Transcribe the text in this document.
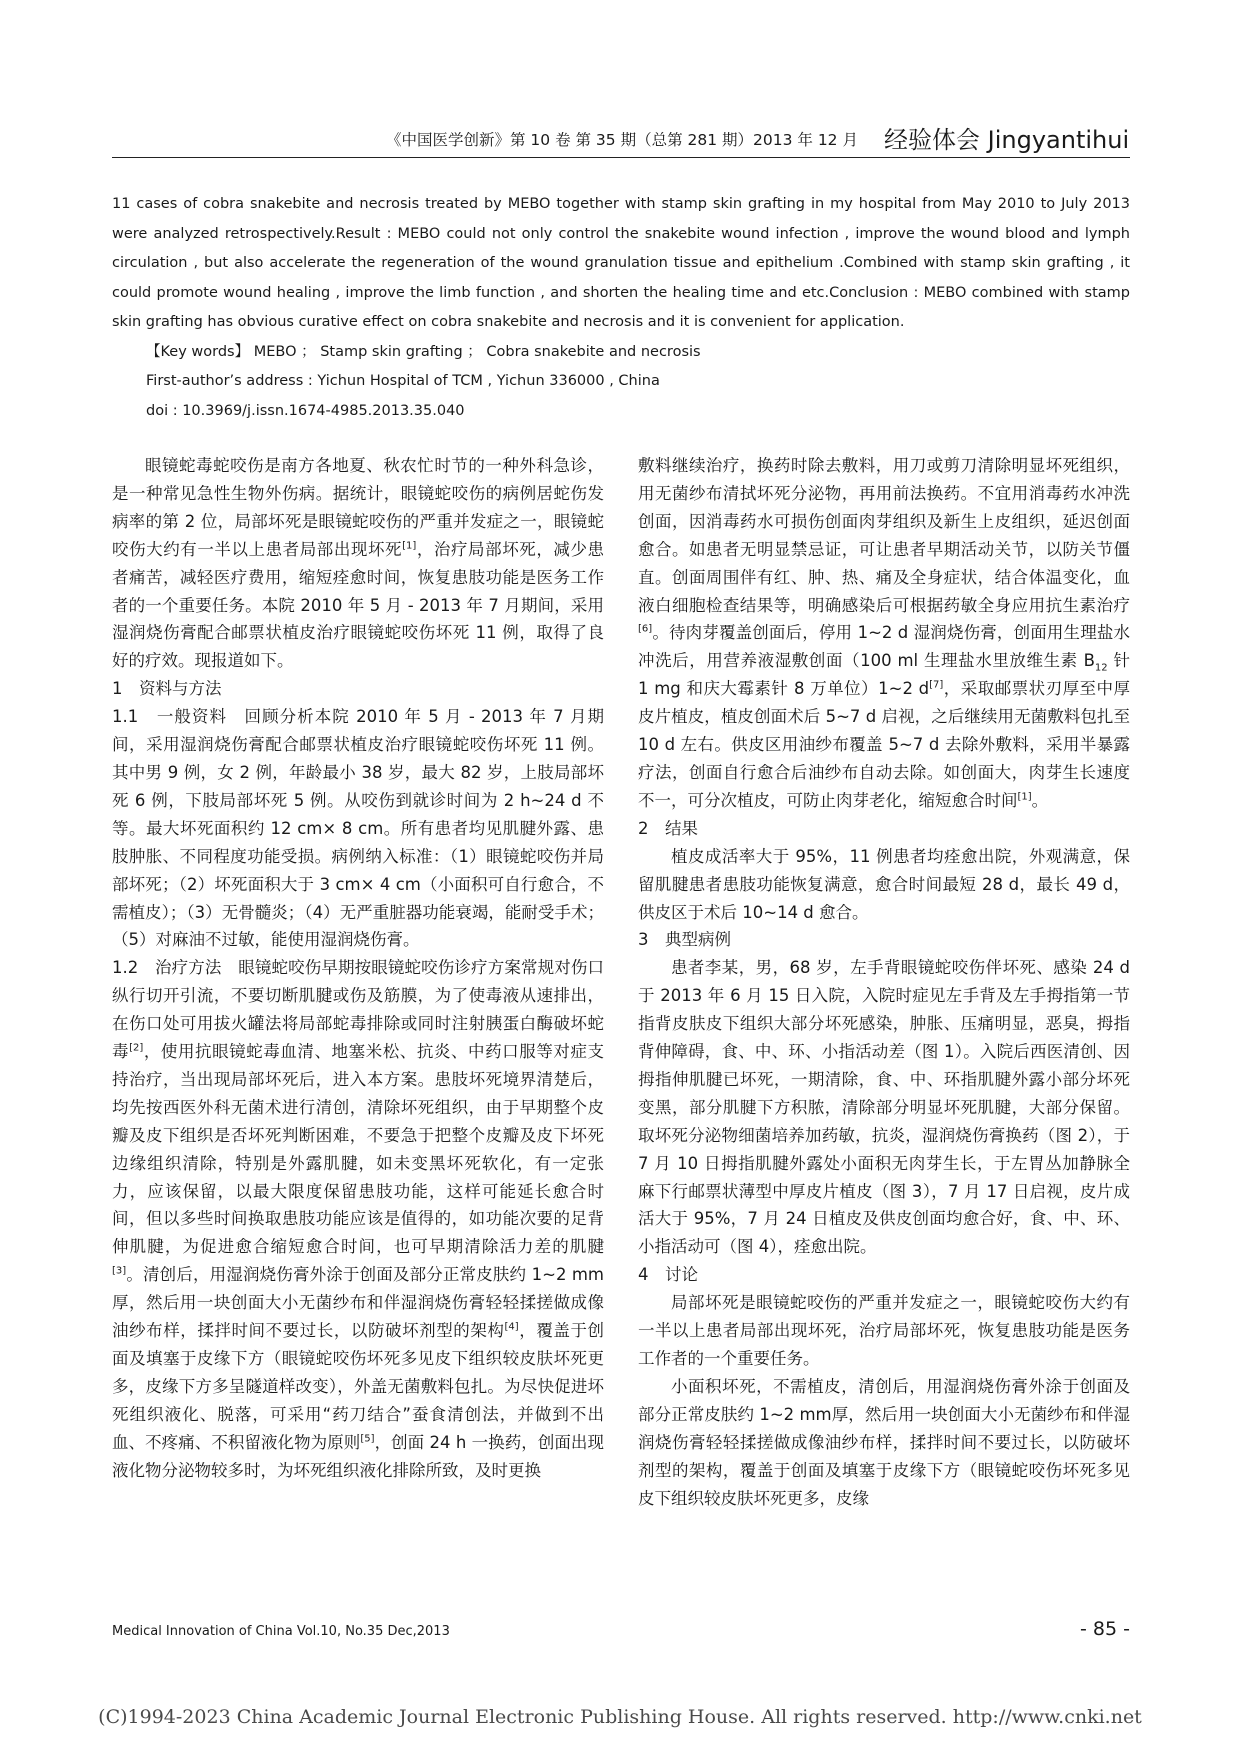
《中国医学创新》第 10 卷 第 35 期（总第 281 期）2013 年 12 月 经验体会 Jingyantihui

11 cases of cobra snakebite and necrosis treated by MEBO together with stamp skin grafting in my hospital from May 2010 to July 2013 were analyzed retrospectively.Result : MEBO could not only control the snakebite wound infection , improve the wound blood and lymph circulation , but also accelerate the regeneration of the wound granulation tissue and epithelium .Combined with stamp skin grafting , it could promote wound healing , improve the limb function , and shorten the healing time and etc.Conclusion : MEBO combined with stamp skin grafting has obvious curative effect on cobra snakebite and necrosis and it is convenient for application.

【Key words】 MEBO ； Stamp skin grafting ； Cobra snakebite and necrosis

First-author’s address : Yichun Hospital of TCM , Yichun 336000 , China

doi : 10.3969/j.issn.1674-4985.2013.35.040

眼镜蛇毒蛇咬伤是南方各地夏、秋农忙时节的一种外科急诊，是一种常见急性生物外伤病。据统计，眼镜蛇咬伤的病例居蛇伤发病率的第 2 位，局部坏死是眼镜蛇咬伤的严重并发症之一，眼镜蛇咬伤大约有一半以上患者局部出现坏死[1]，治疗局部坏死，减少患者痛苦，减轻医疗费用，缩短痊愈时间，恢复患肢功能是医务工作者的一个重要任务。本院 2010 年 5 月 - 2013 年 7 月期间，采用湿润烧伤膏配合邮票状植皮治疗眼镜蛇咬伤坏死 11 例，取得了良好的疗效。现报道如下。

1　资料与方法

1.1　一般资料　 回顾分析本院 2010 年 5 月 - 2013 年 7 月期间，采用湿润烧伤膏配合邮票状植皮治疗眼镜蛇咬伤坏死 11 例。其中男 9 例，女 2 例，年龄最小 38 岁，最大 82 岁，上肢局部坏死 6 例，下肢局部坏死 5 例。从咬伤到就诊时间为 2 h~24 d 不等。最大坏死面积约 12 cm× 8 cm。所有患者均见肌腱外露、患肢肿胀、不同程度功能受损。病例纳入标准：（1）眼镜蛇咬伤并局部坏死；（2）坏死面积大于 3 cm× 4 cm（小面积可自行愈合，不需植皮）；（3）无骨髓炎；（4）无严重脏器功能衰竭，能耐受手术；（5）对麻油不过敏，能使用湿润烧伤膏。

1.2　治疗方法　 眼镜蛇咬伤早期按眼镜蛇咬伤诊疗方案常规对伤口纵行切开引流，不要切断肌腱或伤及筋膜，为了使毒液从速排出，在伤口处可用拔火罐法将局部蛇毒排除或同时注射胰蛋白酶破坏蛇毒[2]，使用抗眼镜蛇毒血清、地塞米松、抗炎、中药口服等对症支持治疗，当出现局部坏死后，进入本方案。患肢坏死境界清楚后，均先按西医外科无菌术进行清创，清除坏死组织，由于早期整个皮瓣及皮下组织是否坏死判断困难，不要急于把整个皮瓣及皮下坏死边缘组织清除，特别是外露肌腱，如未变黑坏死软化，有一定张力，应该保留，以最大限度保留患肢功能，这样可能延长愈合时间，但以多些时间换取患肢功能应该是值得的，如功能次要的足背伸肌腱，为促进愈合缩短愈合时间，也可早期清除活力差的肌腱[3]。清创后，用湿润烧伤膏外涂于创面及部分正常皮肤约 1~2 mm厚，然后用一块创面大小无菌纱布和伴湿润烧伤膏轻轻揉搓做成像油纱布样，揉拌时间不要过长，以防破坏剂型的架构[4]，覆盖于创面及填塞于皮缘下方（眼镜蛇咬伤坏死多见皮下组织较皮肤坏死更多，皮缘下方多呈隧道样改变），外盖无菌敷料包扎。为尽快促进坏死组织液化、脱落，可采用“药刀结合”蚕食清创法，并做到不出血、不疼痛、不积留液化物为原则[5]，创面 24 h 一换药，创面出现液化物分泌物较多时，为坏死组织液化排除所致，及时更换

敷料继续治疗，换药时除去敷料，用刀或剪刀清除明显坏死组织，用无菌纱布清拭坏死分泌物，再用前法换药。不宜用消毒药水冲洗创面，因消毒药水可损伤创面肉芽组织及新生上皮组织，延迟创面愈合。如患者无明显禁忌证，可让患者早期活动关节，以防关节僵直。创面周围伴有红、肿、热、痛及全身症状，结合体温变化，血液白细胞检查结果等，明确感染后可根据药敏全身应用抗生素治疗[6]。待肉芽覆盖创面后，停用 1~2 d 湿润烧伤膏，创面用生理盐水冲洗后，用营养液湿敷创面（100 ml 生理盐水里放维生素 $B_{12}$ 针 1 mg 和庆大霉素针 8 万单位）1~2 d[7]，采取邮票状刃厚至中厚皮片植皮，植皮创面术后 5~7 d 启视，之后继续用无菌敷料包扎至 10 d 左右。供皮区用油纱布覆盖 5~7 d 去除外敷料，采用半暴露疗法，创面自行愈合后油纱布自动去除。如创面大，肉芽生长速度不一，可分次植皮，可防止肉芽老化，缩短愈合时间[1]。

2　结果

植皮成活率大于 95%，11 例患者均痊愈出院，外观满意，保留肌腱患者患肢功能恢复满意，愈合时间最短 28 d，最长 49 d，供皮区于术后 10~14 d 愈合。

3　典型病例

患者李某，男，68 岁，左手背眼镜蛇咬伤伴坏死、感染 24 d 于 2013 年 6 月 15 日入院，入院时症见左手背及左手拇指第一节指背皮肤皮下组织大部分坏死感染，肿胀、压痛明显，恶臭，拇指背伸障碍，食、中、环、小指活动差（图 1）。入院后西医清创、因拇指伸肌腱已坏死，一期清除，食、中、环指肌腱外露小部分坏死变黑，部分肌腱下方积脓，清除部分明显坏死肌腱，大部分保留。取坏死分泌物细菌培养加药敏，抗炎，湿润烧伤膏换药（图 2），于 7 月 10 日拇指肌腱外露处小面积无肉芽生长，于左胃丛加静脉全麻下行邮票状薄型中厚皮片植皮（图 3），7 月 17 日启视，皮片成活大于 95%，7 月 24 日植皮及供皮创面均愈合好，食、中、环、小指活动可（图 4），痊愈出院。

4　讨论

局部坏死是眼镜蛇咬伤的严重并发症之一，眼镜蛇咬伤大约有一半以上患者局部出现坏死，治疗局部坏死，恢复患肢功能是医务工作者的一个重要任务。

小面积坏死，不需植皮，清创后，用湿润烧伤膏外涂于创面及部分正常皮肤约 1~2 mm厚，然后用一块创面大小无菌纱布和伴湿润烧伤膏轻轻揉搓做成像油纱布样，揉拌时间不要过长，以防破坏剂型的架构，覆盖于创面及填塞于皮缘下方（眼镜蛇咬伤坏死多见皮下组织较皮肤坏死更多，皮缘

Medical Innovation of China Vol.10, No.35 Dec,2013	- 85 -
(C)1994-2023 China Academic Journal Electronic Publishing House. All rights reserved. http://www.cnki.net
